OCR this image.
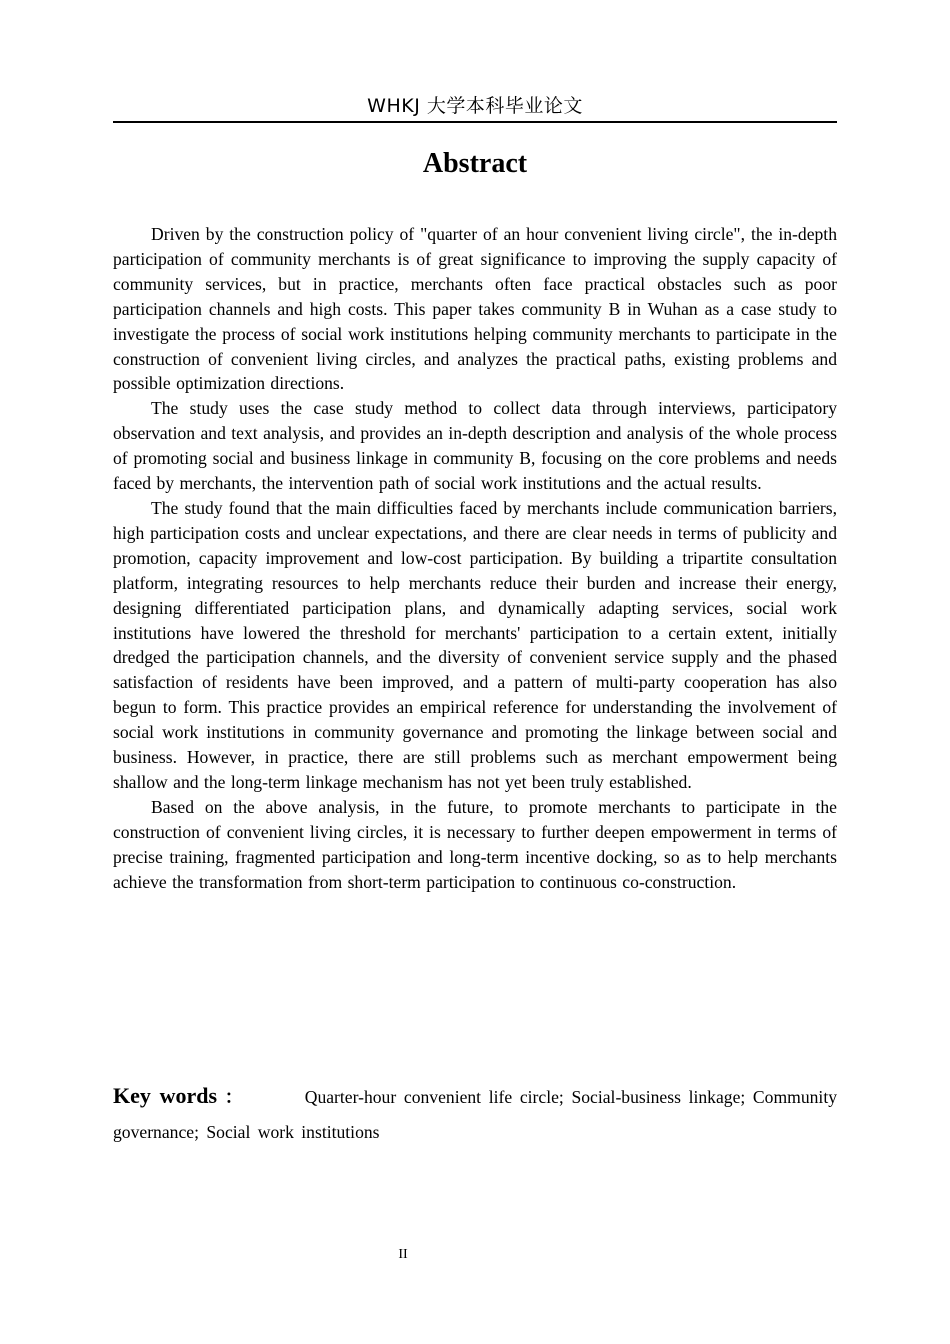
WHKJ 大学本科毕业论文
Abstract

Driven by the construction policy of "quarter of an hour convenient living circle", the in-depth participation of community merchants is of great significance to improving the supply capacity of community services, but in practice, merchants often face practical obstacles such as poor participation channels and high costs. This paper takes community B in Wuhan as a case study to investigate the process of social work institutions helping community merchants to participate in the construction of convenient living circles, and analyzes the practical paths, existing problems and possible optimization directions.

The study uses the case study method to collect data through interviews, participatory observation and text analysis, and provides an in-depth description and analysis of the whole process of promoting social and business linkage in community B, focusing on the core problems and needs faced by merchants, the intervention path of social work institutions and the actual results.

The study found that the main difficulties faced by merchants include communication barriers, high participation costs and unclear expectations, and there are clear needs in terms of publicity and promotion, capacity improvement and low-cost participation. By building a tripartite consultation platform, integrating resources to help merchants reduce their burden and increase their energy, designing differentiated participation plans, and dynamically adapting services, social work institutions have lowered the threshold for merchants' participation to a certain extent, initially dredged the participation channels, and the diversity of convenient service supply and the phased satisfaction of residents have been improved, and a pattern of multi-party cooperation has also begun to form. This practice provides an empirical reference for understanding the involvement of social work institutions in community governance and promoting the linkage between social and business. However, in practice, there are still problems such as merchant empowerment being shallow and the long-term linkage mechanism has not yet been truly established.

Based on the above analysis, in the future, to promote merchants to participate in the construction of convenient living circles, it is necessary to further deepen empowerment in terms of precise training, fragmented participation and long-term incentive docking, so as to help merchants achieve the transformation from short-term participation to continuous co-construction.

Key words ：	Quarter-hour convenient life circle; Social-business linkage; Community governance; Social work institutions
II
